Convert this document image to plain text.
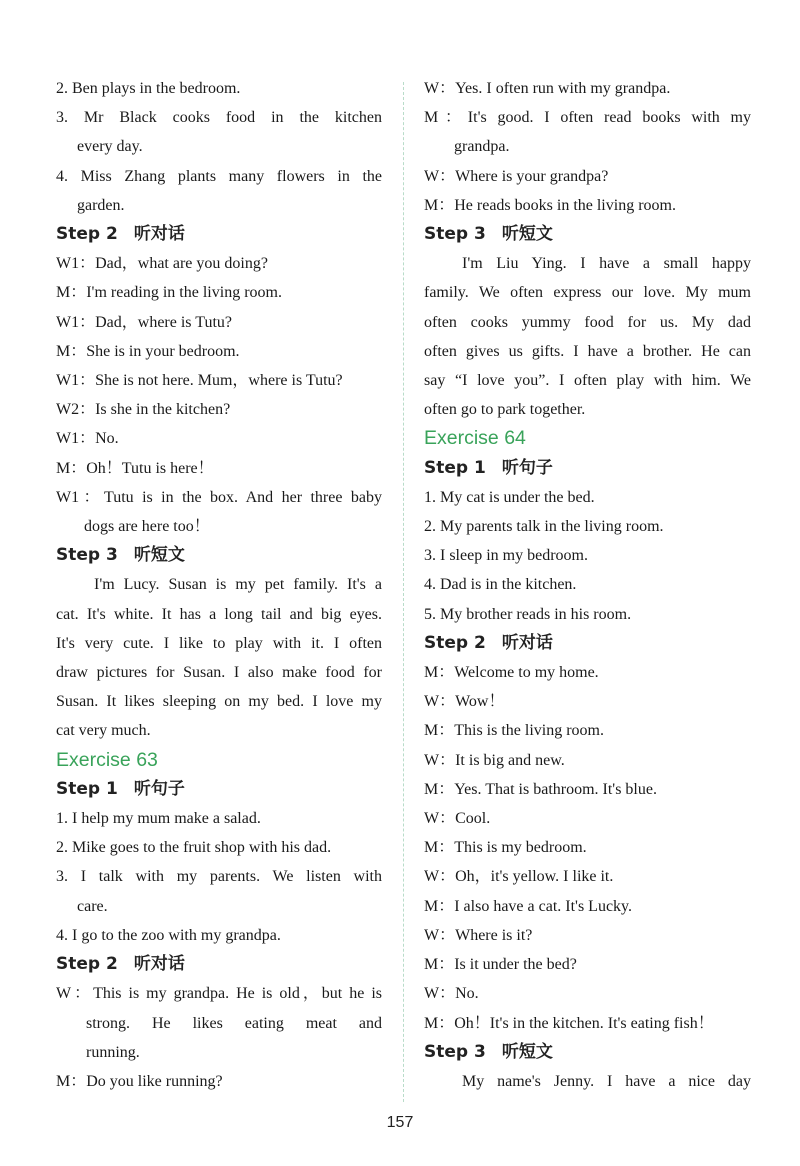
2. Ben plays in the bedroom.

3. Mr Black cooks food in the kitchen

every day.

4. Miss Zhang plants many flowers in the

garden.

Step 2 听对话

W1：Dad，what are you doing?

M：I'm reading in the living room.

W1：Dad，where is Tutu?

M：She is in your bedroom.

W1：She is not here. Mum，where is Tutu?

W2：Is she in the kitchen?

W1：No.

M：Oh！Tutu is here！

W1：Tutu is in the box. And her three baby

dogs are here too！

Step 3 听短文

I'm Lucy. Susan is my pet family. It's a

cat. It's white. It has a long tail and big eyes.

It's very cute. I like to play with it. I often

draw pictures for Susan. I also make food for

Susan. It likes sleeping on my bed. I love my

cat very much.

Exercise 63

Step 1 听句子

1. I help my mum make a salad.

2. Mike goes to the fruit shop with his dad.

3. I talk with my parents. We listen with

care.

4. I go to the zoo with my grandpa.

Step 2 听对话

W：This is my grandpa. He is old，but he is

strong. He likes eating meat and

running.

M：Do you like running?

W：Yes. I often run with my grandpa.

M：It's good. I often read books with my

grandpa.

W：Where is your grandpa?

M：He reads books in the living room.

Step 3 听短文

I'm Liu Ying. I have a small happy

family. We often express our love. My mum

often cooks yummy food for us. My dad

often gives us gifts. I have a brother. He can

say “I love you”. I often play with him. We

often go to park together.

Exercise 64

Step 1 听句子

1. My cat is under the bed.

2. My parents talk in the living room.

3. I sleep in my bedroom.

4. Dad is in the kitchen.

5. My brother reads in his room.

Step 2 听对话

M：Welcome to my home.

W：Wow！

M：This is the living room.

W：It is big and new.

M：Yes. That is bathroom. It's blue.

W：Cool.

M：This is my bedroom.

W：Oh，it's yellow. I like it.

M：I also have a cat. It's Lucky.

W：Where is it?

M：Is it under the bed?

W：No.

M：Oh！It's in the kitchen. It's eating fish！

Step 3 听短文

My name's Jenny. I have a nice day

157
